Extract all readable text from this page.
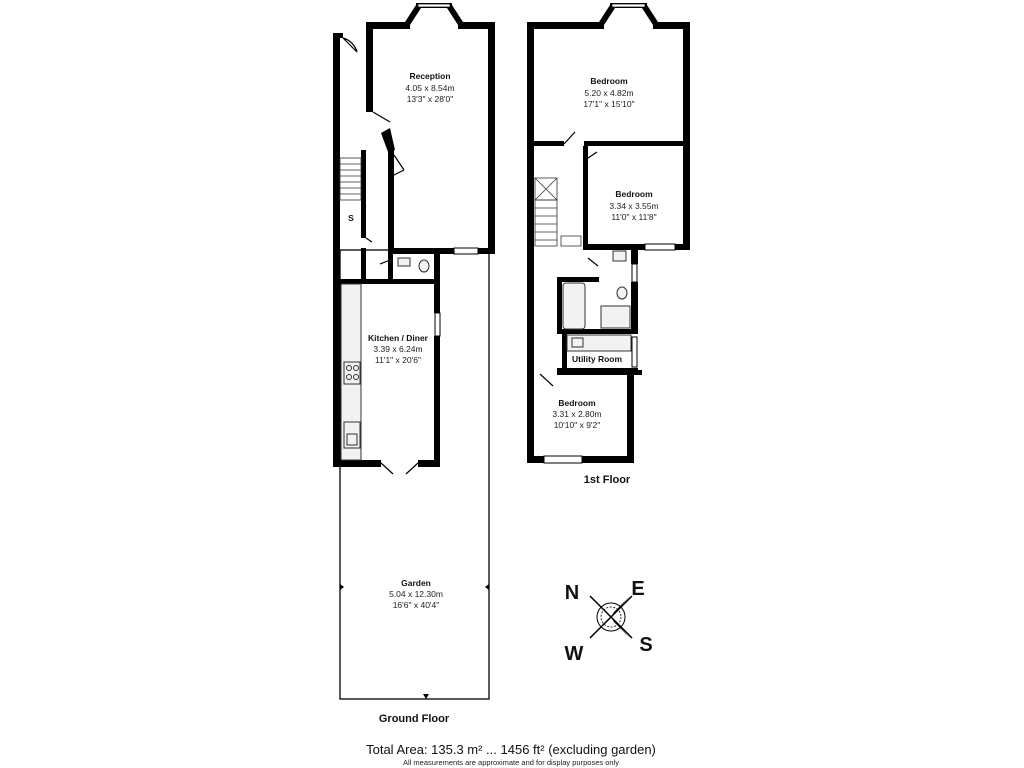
Reception
4.05 x 8.54m
13'3" x 28'0"
S
Kitchen / Diner
3.39 x 6.24m
11'1" x 20'6"
Garden
5.04 x 12.30m
16'6" x 40'4"
Ground Floor
Utility Room
Bedroom
5.20 x 4.82m
17'1" x 15'10"
Bedroom
3.34 x 3.55m
11'0" x 11'8"
Bedroom
3.31 x 2.80m
10'10" x 9'2"
1st Floor
N	E
W	S
Total Area: 135.3 m² ... 1456 ft² (excluding garden)
All measurements are approximate and for display purposes only
